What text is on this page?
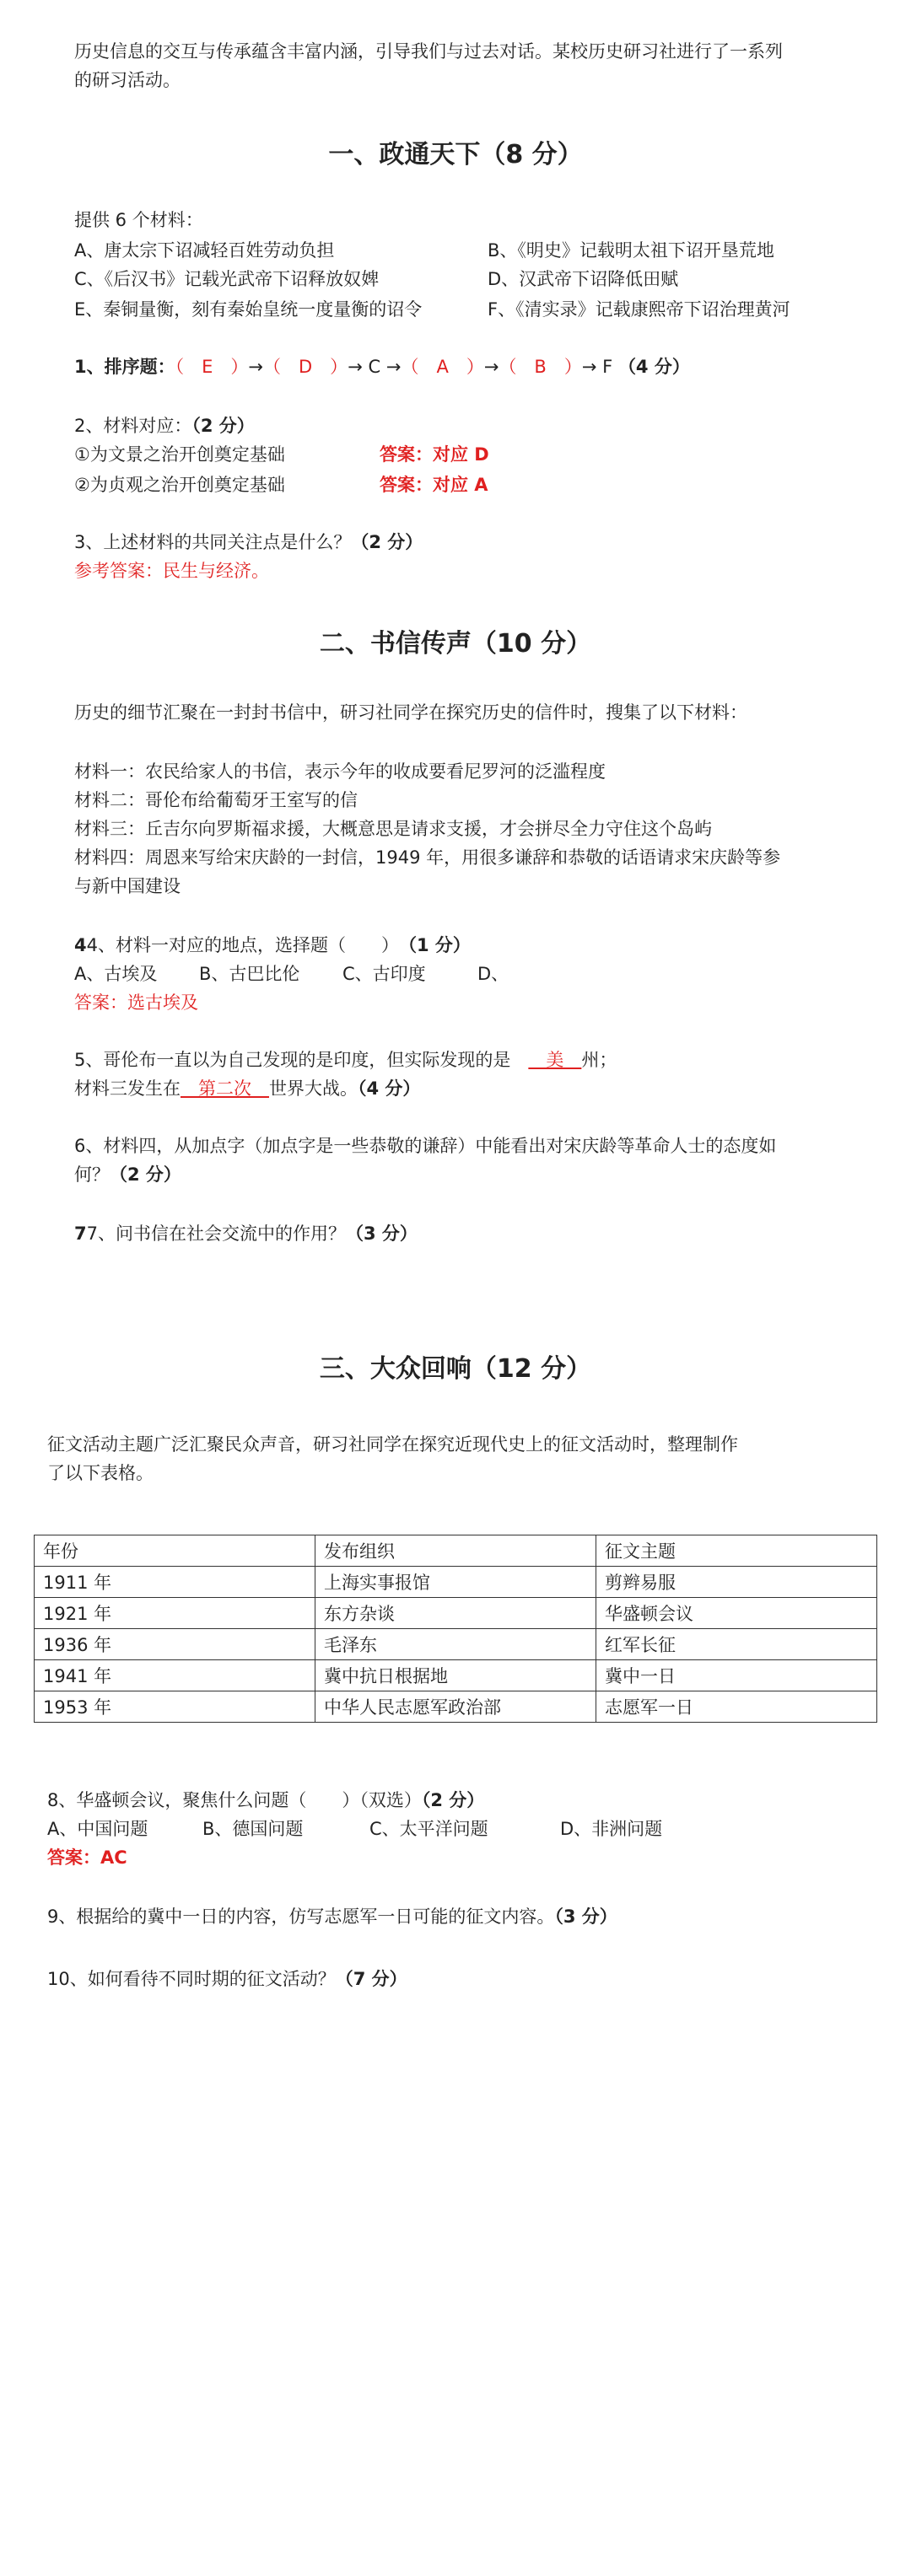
历史信息的交互与传承蕴含丰富内涵，引导我们与过去对话。某校历史研习社进行了一系列
的研习活动。
一、政通天下（8 分）
提供 6 个材料：
A、唐太宗下诏减轻百姓劳动负担	B、《明史》记载明太祖下诏开垦荒地
C、《后汉书》记载光武帝下诏释放奴婢	D、汉武帝下诏降低田赋
E、秦铜量衡，刻有秦始皇统一度量衡的诏令	F、《清实录》记载康熙帝下诏治理黄河
1、排序题：（　E　）→（　D　）→ C →（　A　）→（　B　）→ F （4 分）
2、材料对应：（2 分）
①为文景之治开创奠定基础	答案：对应 D
②为贞观之治开创奠定基础	答案：对应 A
3、上述材料的共同关注点是什么？（2 分）
参考答案：民生与经济。
二、书信传声（10 分）
历史的细节汇聚在一封封书信中，研习社同学在探究历史的信件时，搜集了以下材料：
材料一：农民给家人的书信，表示今年的收成要看尼罗河的泛滥程度
材料二：哥伦布给葡萄牙王室写的信
材料三：丘吉尔向罗斯福求援，大概意思是请求支援，才会拼尽全力守住这个岛屿
材料四：周恩来写给宋庆龄的一封信，1949 年，用很多谦辞和恭敬的话语请求宋庆龄等参
与新中国建设
44、材料一对应的地点，选择题（　　）　 （1 分）
A、古埃及 B、古巴比伦 C、古印度	D、
答案：选古埃及
5、哥伦布一直以为自己发现的是印度，但实际发现的是　　美　州；
材料三发生在　第二次　世界大战。（4 分）
6、材料四，从加点字（加点字是一些恭敬的谦辞）中能看出对宋庆龄等革命人士的态度如
何？（2 分）
77、问书信在社会交流中的作用？（3 分）
三、大众回响（12 分）
征文活动主题广泛汇聚民众声音，研习社同学在探究近现代史上的征文活动时，整理制作
了以下表格。
年份	发布组织	征文主题
1911 年	上海实事报馆	剪辫易服
1921 年	东方杂谈	华盛顿会议
1936 年	毛泽东	红军长征
1941 年	冀中抗日根据地	冀中一日
1953 年	中华人民志愿军政治部	志愿军一日
8、华盛顿会议，聚焦什么问题（　　）（双选）（2 分）
A、中国问题	B、德国问题	C、太平洋问题	D、非洲问题
答案：AC
9、根据给的冀中一日的内容，仿写志愿军一日可能的征文内容。（3 分）
10、如何看待不同时期的征文活动？（7 分）
